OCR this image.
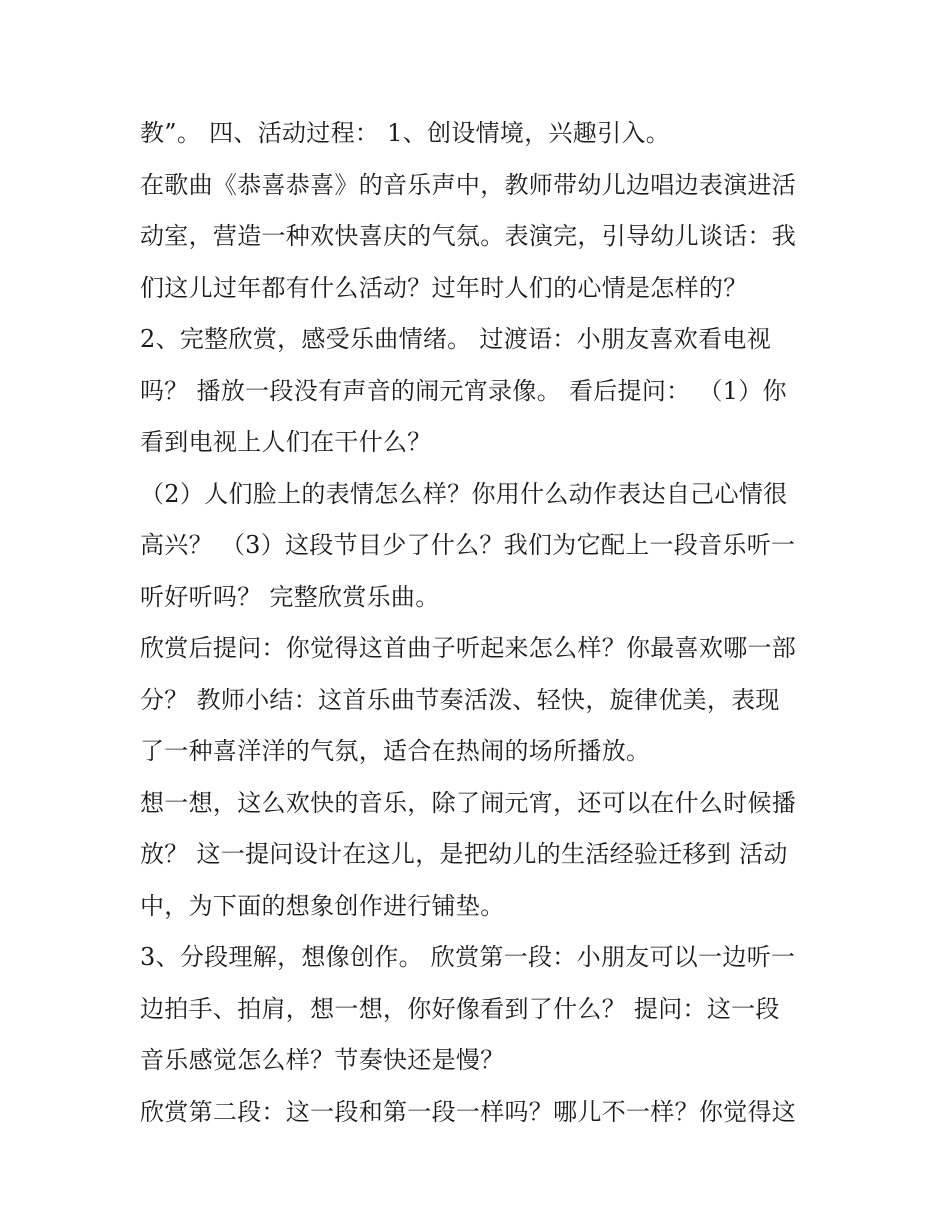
教”。 四、活动过程： 1、创设情境，兴趣引入。
在歌曲《恭喜恭喜》的音乐声中，教师带幼儿边唱边表演进活
动室，营造一种欢快喜庆的气氛。表演完，引导幼儿谈话：我
们这儿过年都有什么活动？过年时人们的心情是怎样的？
2、完整欣赏，感受乐曲情绪。 过渡语：小朋友喜欢看电视
吗？ 播放一段没有声音的闹元宵录像。 看后提问： （1）你
看到电视上人们在干什么？
（2）人们脸上的表情怎么样？你用什么动作表达自己心情很
高兴？ （3）这段节目少了什么？我们为它配上一段音乐听一
听好听吗？ 完整欣赏乐曲。
欣赏后提问：你觉得这首曲子听起来怎么样？你最喜欢哪一部
分？ 教师小结：这首乐曲节奏活泼、轻快，旋律优美，表现
了一种喜洋洋的气氛，适合在热闹的场所播放。
想一想，这么欢快的音乐，除了闹元宵，还可以在什么时候播
放？ 这一提问设计在这儿，是把幼儿的生活经验迁移到 活动
中，为下面的想象创作进行铺垫。
3、分段理解，想像创作。 欣赏第一段：小朋友可以一边听一
边拍手、拍肩，想一想，你好像看到了什么？ 提问：这一段
音乐感觉怎么样？节奏快还是慢？
欣赏第二段：这一段和第一段一样吗？哪儿不一样？你觉得这
